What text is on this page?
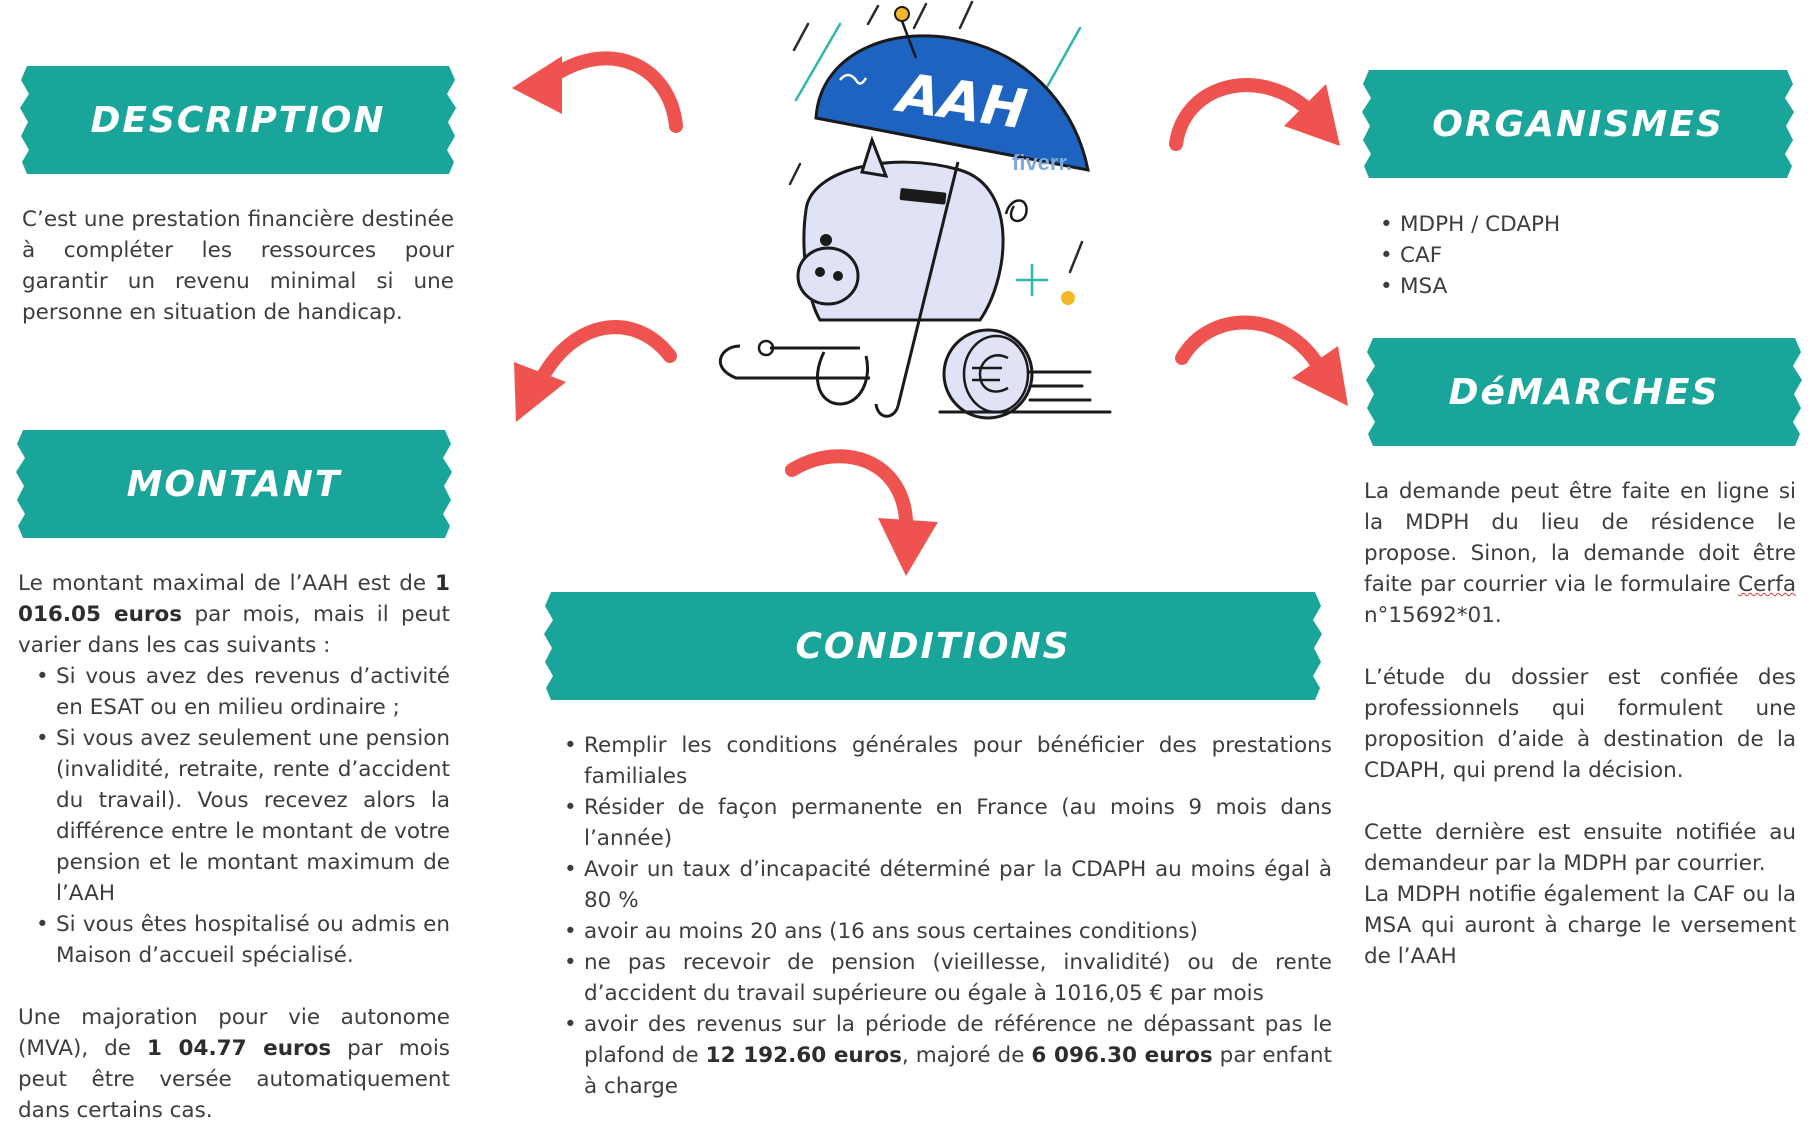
DESCRIPTION	ORGANISMES
MONTANT
DéMARCHES
CONDITIONS
AAH
fiverr.

C’est une prestation financière destinée à compléter les ressources pour garantir un revenu minimal si une personne en situation de handicap.

• MDPH / CDAPH
• CAF
• MSA

Le montant maximal de l’AAH est de 1 016.05 euros par mois, mais il peut varier dans les cas suivants :

• Si vous avez des revenus d’activité en ESAT ou en milieu ordinaire ;
• Si vous avez seulement une pension (invalidité, retraite, rente d’accident du travail). Vous recevez alors la différence entre le montant de votre pension et le montant maximum de l’AAH
• Si vous êtes hospitalisé ou admis en Maison d’accueil spécialisé.

Une majoration pour vie autonome (MVA), de 1 04.77 euros par mois peut être versée automatiquement dans certains cas.

La demande peut être faite en ligne si la MDPH du lieu de résidence le propose. Sinon, la demande doit être faite par courrier via le formulaire Cerfa n°15692*01.

L’étude du dossier est confiée des professionnels qui formulent une proposition d’aide à destination de la CDAPH, qui prend la décision.

Cette dernière est ensuite notifiée au demandeur par la MDPH par courrier.

La MDPH notifie également la CAF ou la MSA qui auront à charge le versement de l’AAH

• Remplir les conditions générales pour bénéficier des prestations familiales
• Résider de façon permanente en France (au moins 9 mois dans l’année)
• Avoir un taux d’incapacité déterminé par la CDAPH au moins égal à 80 %
• avoir au moins 20 ans (16 ans sous certaines conditions)
• ne pas recevoir de pension (vieillesse, invalidité) ou de rente d’accident du travail supérieure ou égale à 1016,05 € par mois
• avoir des revenus sur la période de référence ne dépassant pas le plafond de 12 192.60 euros, majoré de 6 096.30 euros par enfant à charge
